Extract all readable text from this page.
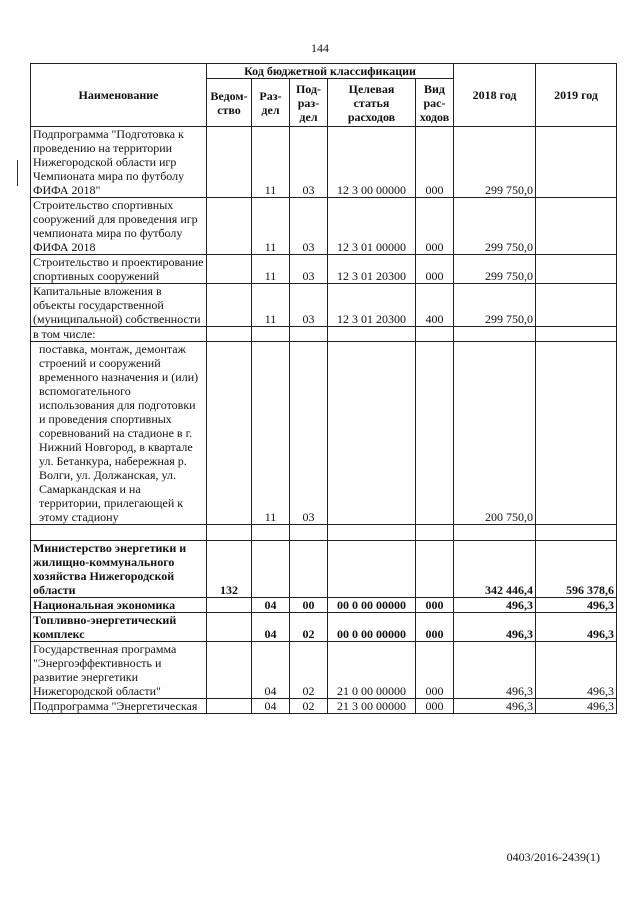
144
Наименование	Код бюджетной классификации					2018 год	2019 год
	Ведом-ство	Раз-дел	Под-раз-дел	Целевая статья расходов	Вид рас-ходов		
Подпрограмма "Подготовка к проведению на территории Нижегородской области игр Чемпионата мира по футболу ФИФА 2018"		11	03	12 3 00 00000	000	299 750,0	
Строительство спортивных сооружений для проведения игр чемпионата мира по футболу ФИФА 2018		11	03	12 3 01 00000	000	299 750,0	
Строительство и проектирование спортивных сооружений		11	03	12 3 01 20300	000	299 750,0	
Капитальные вложения в объекты государственной (муниципальной) собственности		11	03	12 3 01 20300	400	299 750,0	
в том числе:							
поставка, монтаж, демонтаж строений и сооружений временного назначения и (или) вспомогательного использования для подготовки и проведения спортивных соревнований на стадионе в г. Нижний Новгород, в квартале ул. Бетанкура, набережная р. Волги, ул. Должанская, ул. Самаркандская и на территории, прилегающей к этому стадиону		11	03			200 750,0	

Министерство энергетики и жилищно-коммунального хозяйства Нижегородской области	132					342 446,4	596 378,6
Национальная экономика		04	00	00 0 00 00000	000	496,3	496,3
Топливно-энергетический комплекс		04	02	00 0 00 00000	000	496,3	496,3
Государственная программа "Энергоэффективность и развитие энергетики Нижегородской области"		04	02	21 0 00 00000	000	496,3	496,3
Подпрограмма "Энергетическая		04	02	21 3 00 00000	000	496,3	496,3
0403/2016-2439(1)
